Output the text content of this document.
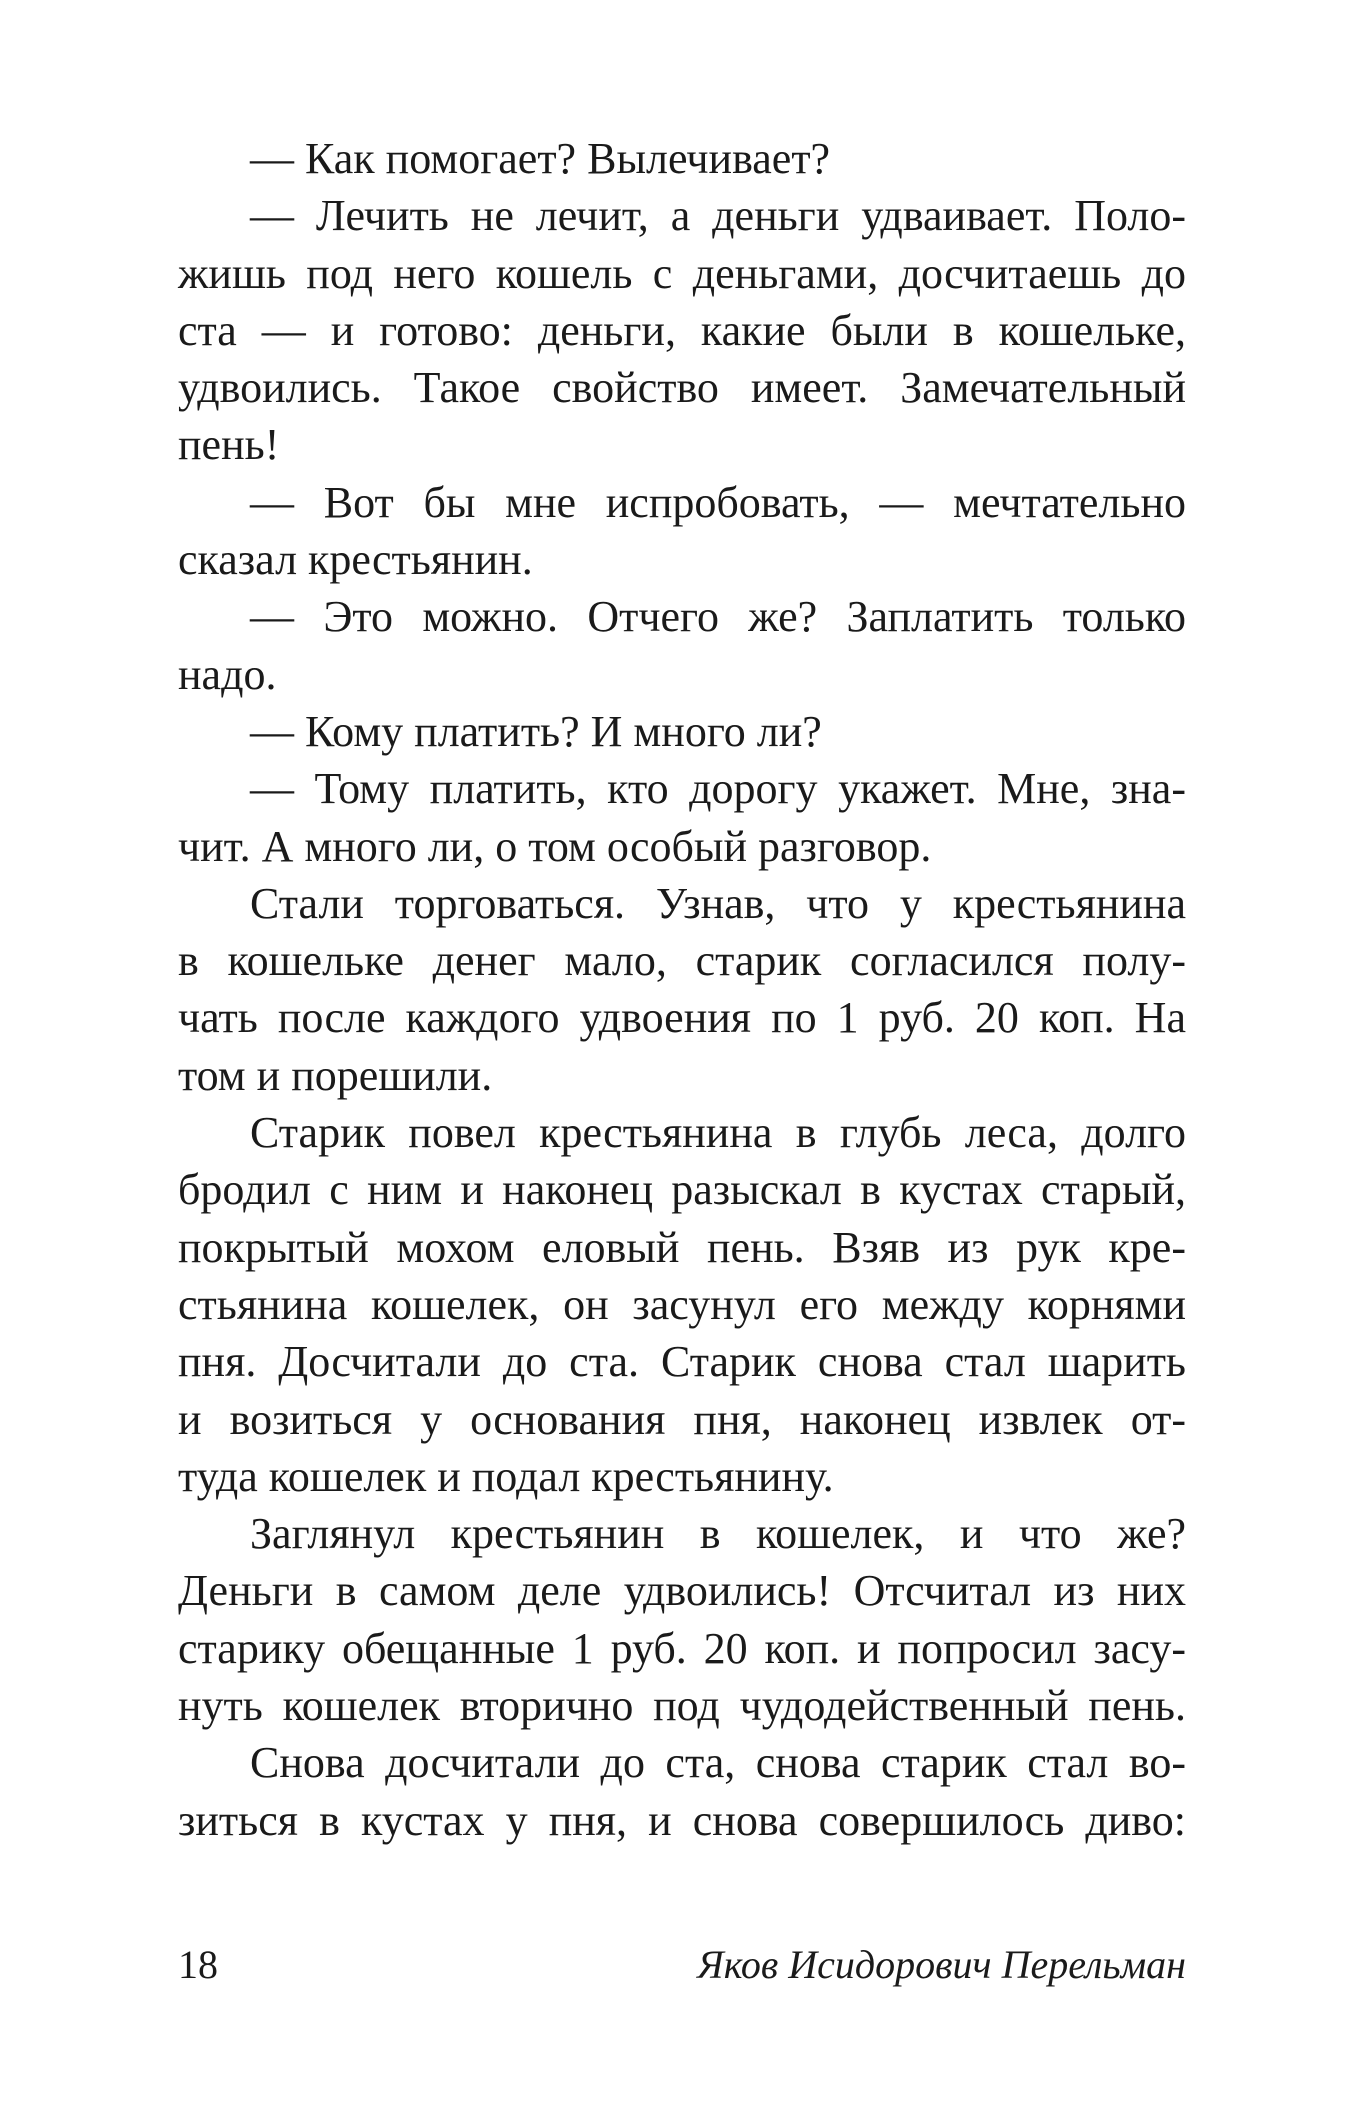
— Как помогает? Вылечивает?
— Лечить не лечит, а деньги удваивает. Поло-
жишь под него кошель с деньгами, досчитаешь до
ста — и готово: деньги, какие были в кошельке,
удвоились. Такое свойство имеет. Замечательный
пень!
— Вот бы мне испробовать, — мечтательно
сказал крестьянин.
— Это можно. Отчего же? Заплатить только
надо.
— Кому платить? И много ли?
— Тому платить, кто дорогу укажет. Мне, зна-
чит. А много ли, о том особый разговор.
Стали торговаться. Узнав, что у крестьянина
в кошельке денег мало, старик согласился полу-
чать после каждого удвоения по 1 руб. 20 коп. На
том и порешили.
Старик повел крестьянина в глубь леса, долго
бродил с ним и наконец разыскал в кустах старый,
покрытый мохом еловый пень. Взяв из рук кре-
стьянина кошелек, он засунул его между корнями
пня. Досчитали до ста. Старик снова стал шарить
и возиться у основания пня, наконец извлек от-
туда кошелек и подал крестьянину.
Заглянул крестьянин в кошелек, и что же?
Деньги в самом деле удвоились! Отсчитал из них
старику обещанные 1 руб. 20 коп. и попросил засу-
нуть кошелек вторично под чудодейственный пень.
Снова досчитали до ста, снова старик стал во-
зиться в кустах у пня, и снова совершилось диво:
18	Яков Исидорович Перельман
